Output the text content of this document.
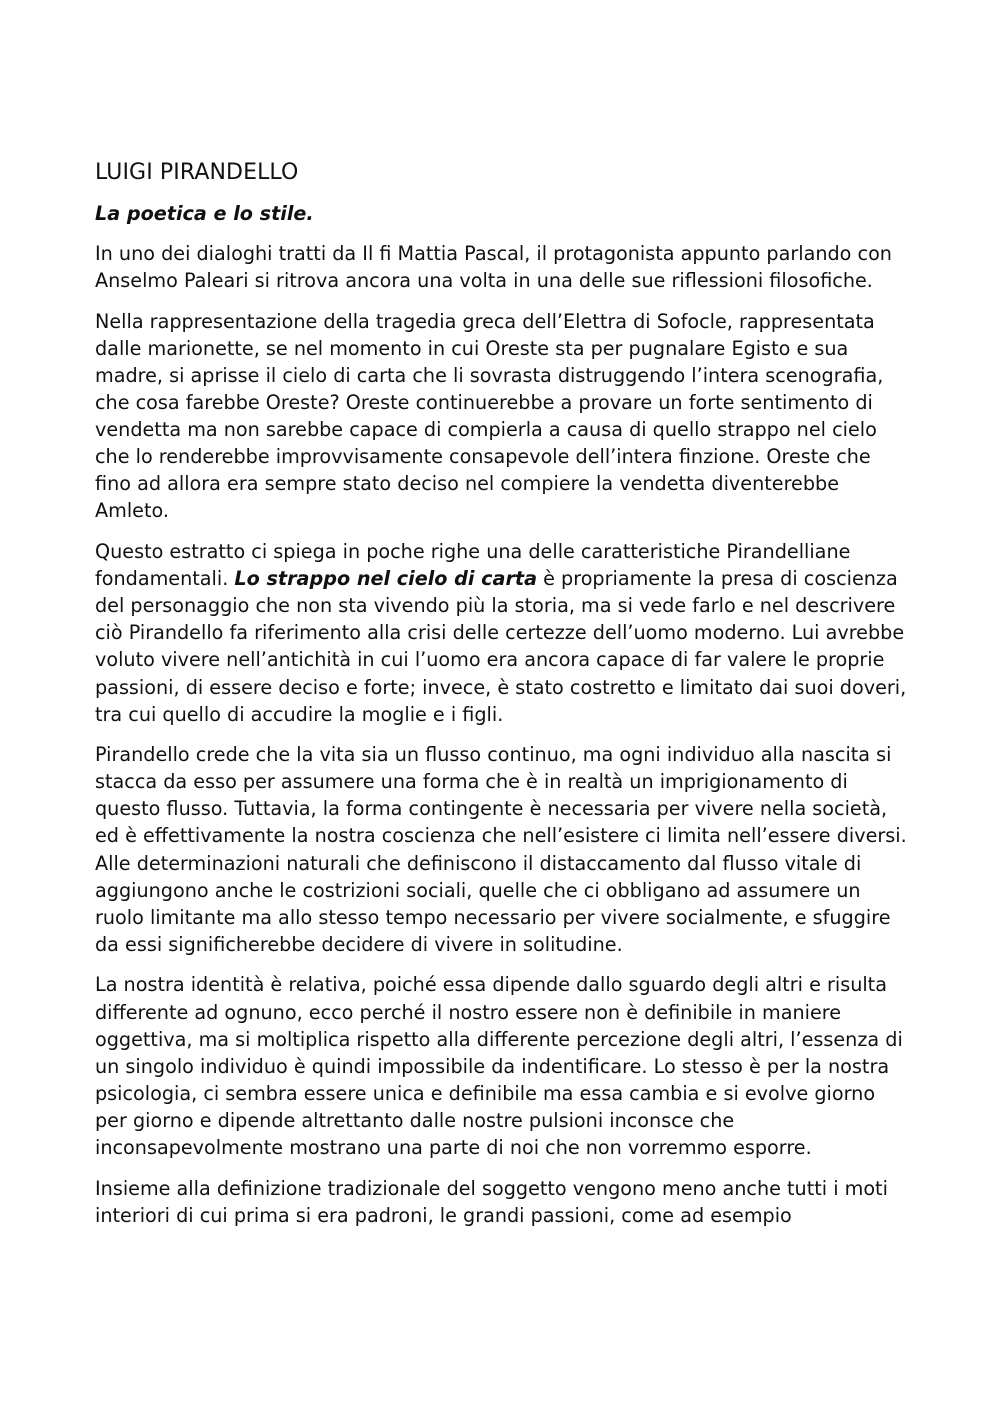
LUIGI PIRANDELLO
La poetica e lo stile.

In uno dei dialoghi tratti da Il fi Mattia Pascal, il protagonista appunto parlando con Anselmo Paleari si ritrova ancora una volta in una delle sue riflessioni filosofiche.

Nella rappresentazione della tragedia greca dell’Elettra di Sofocle, rappresentata dalle marionette, se nel momento in cui Oreste sta per pugnalare Egisto e sua madre, si aprisse il cielo di carta che li sovrasta distruggendo l’intera scenografia, che cosa farebbe Oreste? Oreste continuerebbe a provare un forte sentimento di vendetta ma non sarebbe capace di compierla a causa di quello strappo nel cielo che lo renderebbe improvvisamente consapevole dell’intera finzione. Oreste che fino ad allora era sempre stato deciso nel compiere la vendetta diventerebbe Amleto.

Questo estratto ci spiega in poche righe una delle caratteristiche Pirandelliane fondamentali. Lo strappo nel cielo di carta è propriamente la presa di coscienza del personaggio che non sta vivendo più la storia, ma si vede farlo e nel descrivere ciò Pirandello fa riferimento alla crisi delle certezze dell’uomo moderno. Lui avrebbe voluto vivere nell’antichità in cui l’uomo era ancora capace di far valere le proprie passioni, di essere deciso e forte; invece, è stato costretto e limitato dai suoi doveri, tra cui quello di accudire la moglie e i figli.

Pirandello crede che la vita sia un flusso continuo, ma ogni individuo alla nascita si stacca da esso per assumere una forma che è in realtà un imprigionamento di questo flusso. Tuttavia, la forma contingente è necessaria per vivere nella società, ed è effettivamente la nostra coscienza che nell’esistere ci limita nell’essere diversi. Alle determinazioni naturali che definiscono il distaccamento dal flusso vitale di aggiungono anche le costrizioni sociali, quelle che ci obbligano ad assumere un ruolo limitante ma allo stesso tempo necessario per vivere socialmente, e sfuggire da essi significherebbe decidere di vivere in solitudine.

La nostra identità è relativa, poiché essa dipende dallo sguardo degli altri e risulta differente ad ognuno, ecco perché il nostro essere non è definibile in maniere oggettiva, ma si moltiplica rispetto alla differente percezione degli altri, l’essenza di un singolo individuo è quindi impossibile da indentificare. Lo stesso è per la nostra psicologia, ci sembra essere unica e definibile ma essa cambia e si evolve giorno per giorno e dipende altrettanto dalle nostre pulsioni inconsce che inconsapevolmente mostrano una parte di noi che non vorremmo esporre.

Insieme alla definizione tradizionale del soggetto vengono meno anche tutti i moti interiori di cui prima si era padroni, le grandi passioni, come ad esempio
